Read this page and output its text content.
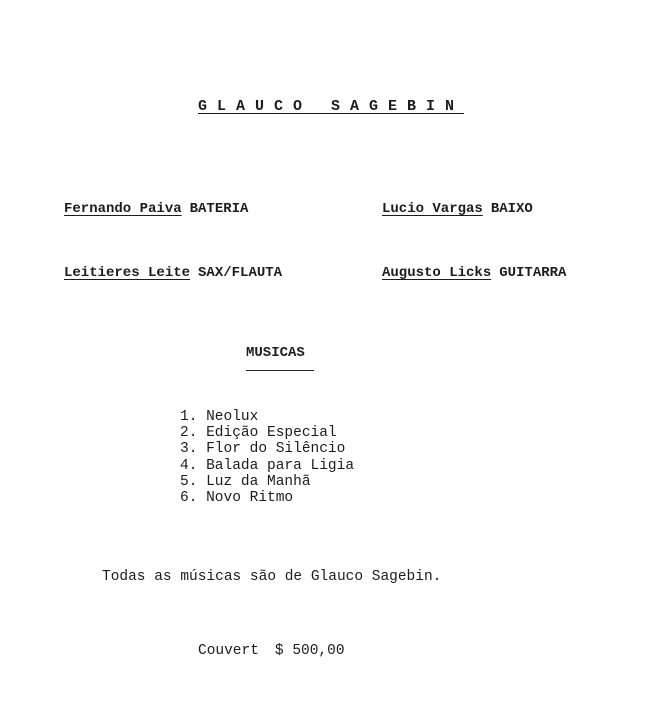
GLAUCO SAGEBIN
Fernando Paiva BATERIA	Lucio Vargas BAIXO
Leitieres Leite SAX/FLAUTA	Augusto Licks GUITARRA
MUSICAS
1. Neolux
2. Edição Especial
3. Flor do Silêncio
4. Balada para Ligia
5. Luz da Manhã
6. Novo Ritmo
Todas as músicas são de Glauco Sagebin.
Couvert $ 500,00
